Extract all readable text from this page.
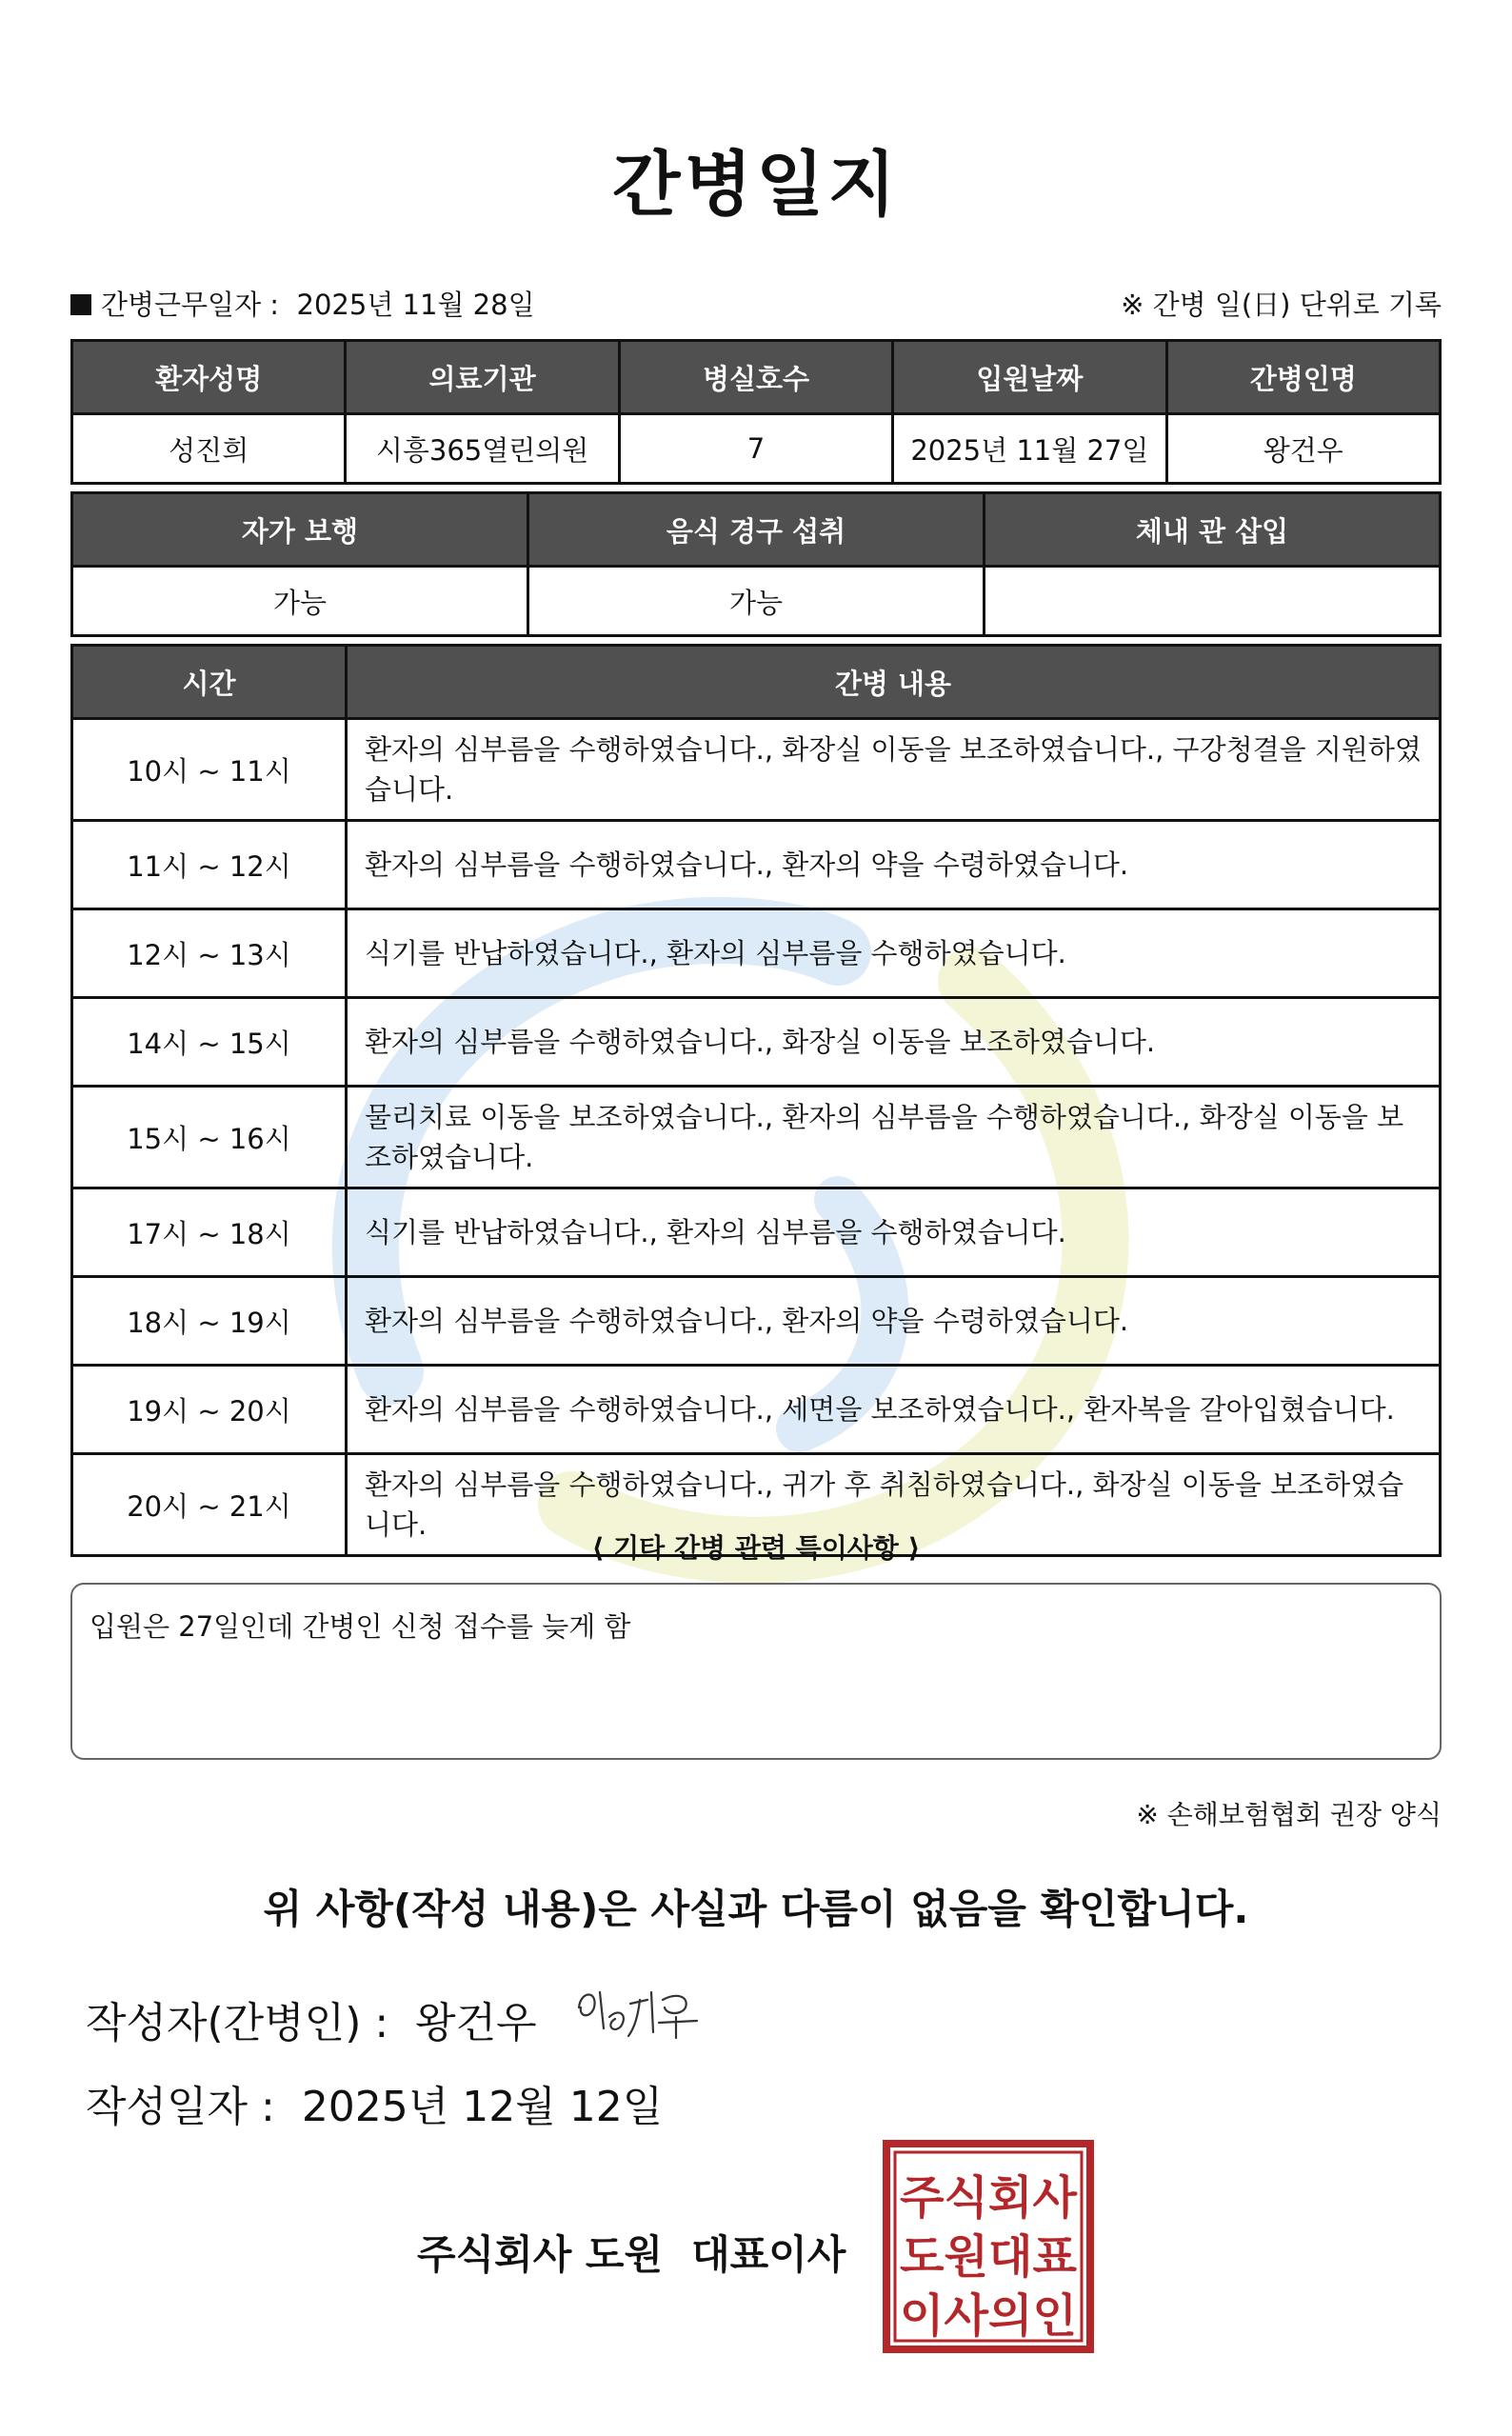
간병일지
간병근무일자 : 2025년 11월 28일	※ 간병 일(日) 단위로 기록
환자성명	의료기관	병실호수	입원날짜	간병인명
성진희	시흥365열린의원	7	2025년 11월 27일	왕건우
자가 보행	음식 경구 섭취	체내 관 삽입
가능	가능	
시간	간병 내용
10시 ~ 11시	환자의 심부름을 수행하였습니다., 화장실 이동을 보조하였습니다., 구강청결을 지원하였습니다.
11시 ~ 12시	환자의 심부름을 수행하였습니다., 환자의 약을 수령하였습니다.
12시 ~ 13시	식기를 반납하였습니다., 환자의 심부름을 수행하였습니다.
14시 ~ 15시	환자의 심부름을 수행하였습니다., 화장실 이동을 보조하였습니다.
15시 ~ 16시	물리치료 이동을 보조하였습니다., 환자의 심부름을 수행하였습니다., 화장실 이동을 보조하였습니다.
17시 ~ 18시	식기를 반납하였습니다., 환자의 심부름을 수행하였습니다.
18시 ~ 19시	환자의 심부름을 수행하였습니다., 환자의 약을 수령하였습니다.
19시 ~ 20시	환자의 심부름을 수행하였습니다., 세면을 보조하였습니다., 환자복을 갈아입혔습니다.
20시 ~ 21시	환자의 심부름을 수행하였습니다., 귀가 후 취침하였습니다., 화장실 이동을 보조하였습니다.
⟨ 기타 간병 관련 특이사항 ⟩
입원은 27일인데 간병인 신청 접수를 늦게 함
※ 손해보험협회 권장 양식
위 사항(작성 내용)은 사실과 다름이 없음을 확인합니다.
작성자(간병인) : 왕건우
작성일자 : 2025년 12월 12일
주식회사 도원 대표이사
주식회사
도원대표
이사의인
